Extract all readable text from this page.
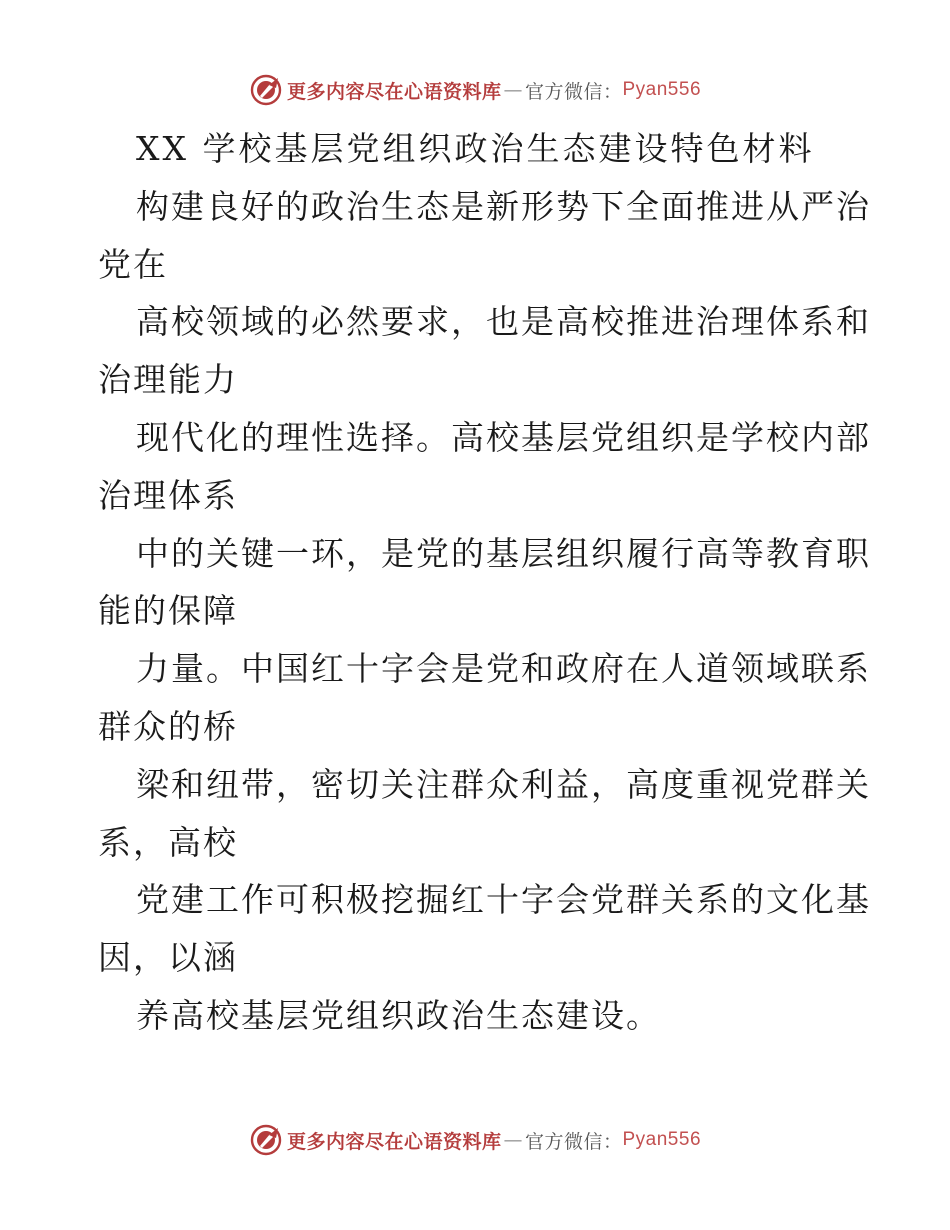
更多内容尽在心语资料库 — 官方微信： Pyan556
XX 学校基层党组织政治生态建设特色材料
构建良好的政治生态是新形势下全面推进从严治
党在
高校领域的必然要求，也是高校推进治理体系和
治理能力
现代化的理性选择。高校基层党组织是学校内部
治理体系
中的关键一环，是党的基层组织履行高等教育职
能的保障
力量。中国红十字会是党和政府在人道领域联系
群众的桥
梁和纽带，密切关注群众利益，高度重视党群关
系，高校
党建工作可积极挖掘红十字会党群关系的文化基
因，以涵
养高校基层党组织政治生态建设。
更多内容尽在心语资料库 — 官方微信： Pyan556
